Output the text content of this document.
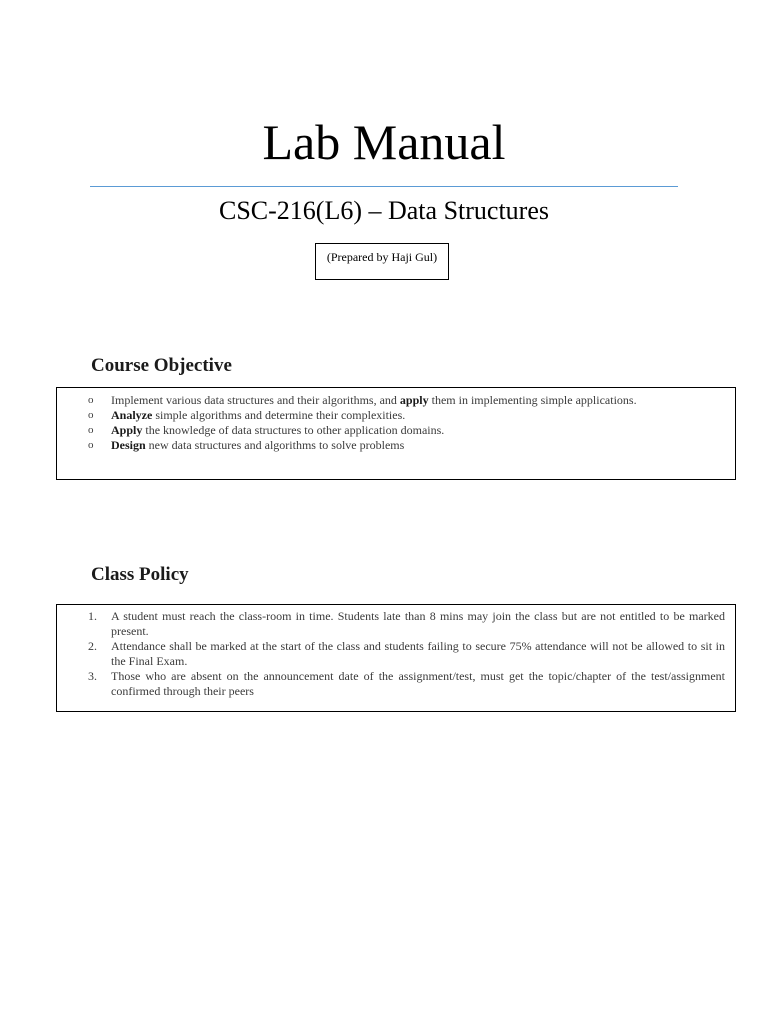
Lab Manual
CSC-216(L6) – Data Structures
(Prepared by Haji Gul)
Course Objective
o Implement various data structures and their algorithms, and apply them in implementing simple applications.
o Analyze simple algorithms and determine their complexities.
o Apply the knowledge of data structures to other application domains.
o Design new data structures and algorithms to solve problems
Class Policy
1. A student must reach the class-room in time. Students late than 8 mins may join the class but are not entitled to be marked present.
2. Attendance shall be marked at the start of the class and students failing to secure 75% attendance will not be allowed to sit in the Final Exam.
3. Those who are absent on the announcement date of the assignment/test, must get the topic/chapter of the test/assignment confirmed through their peers
